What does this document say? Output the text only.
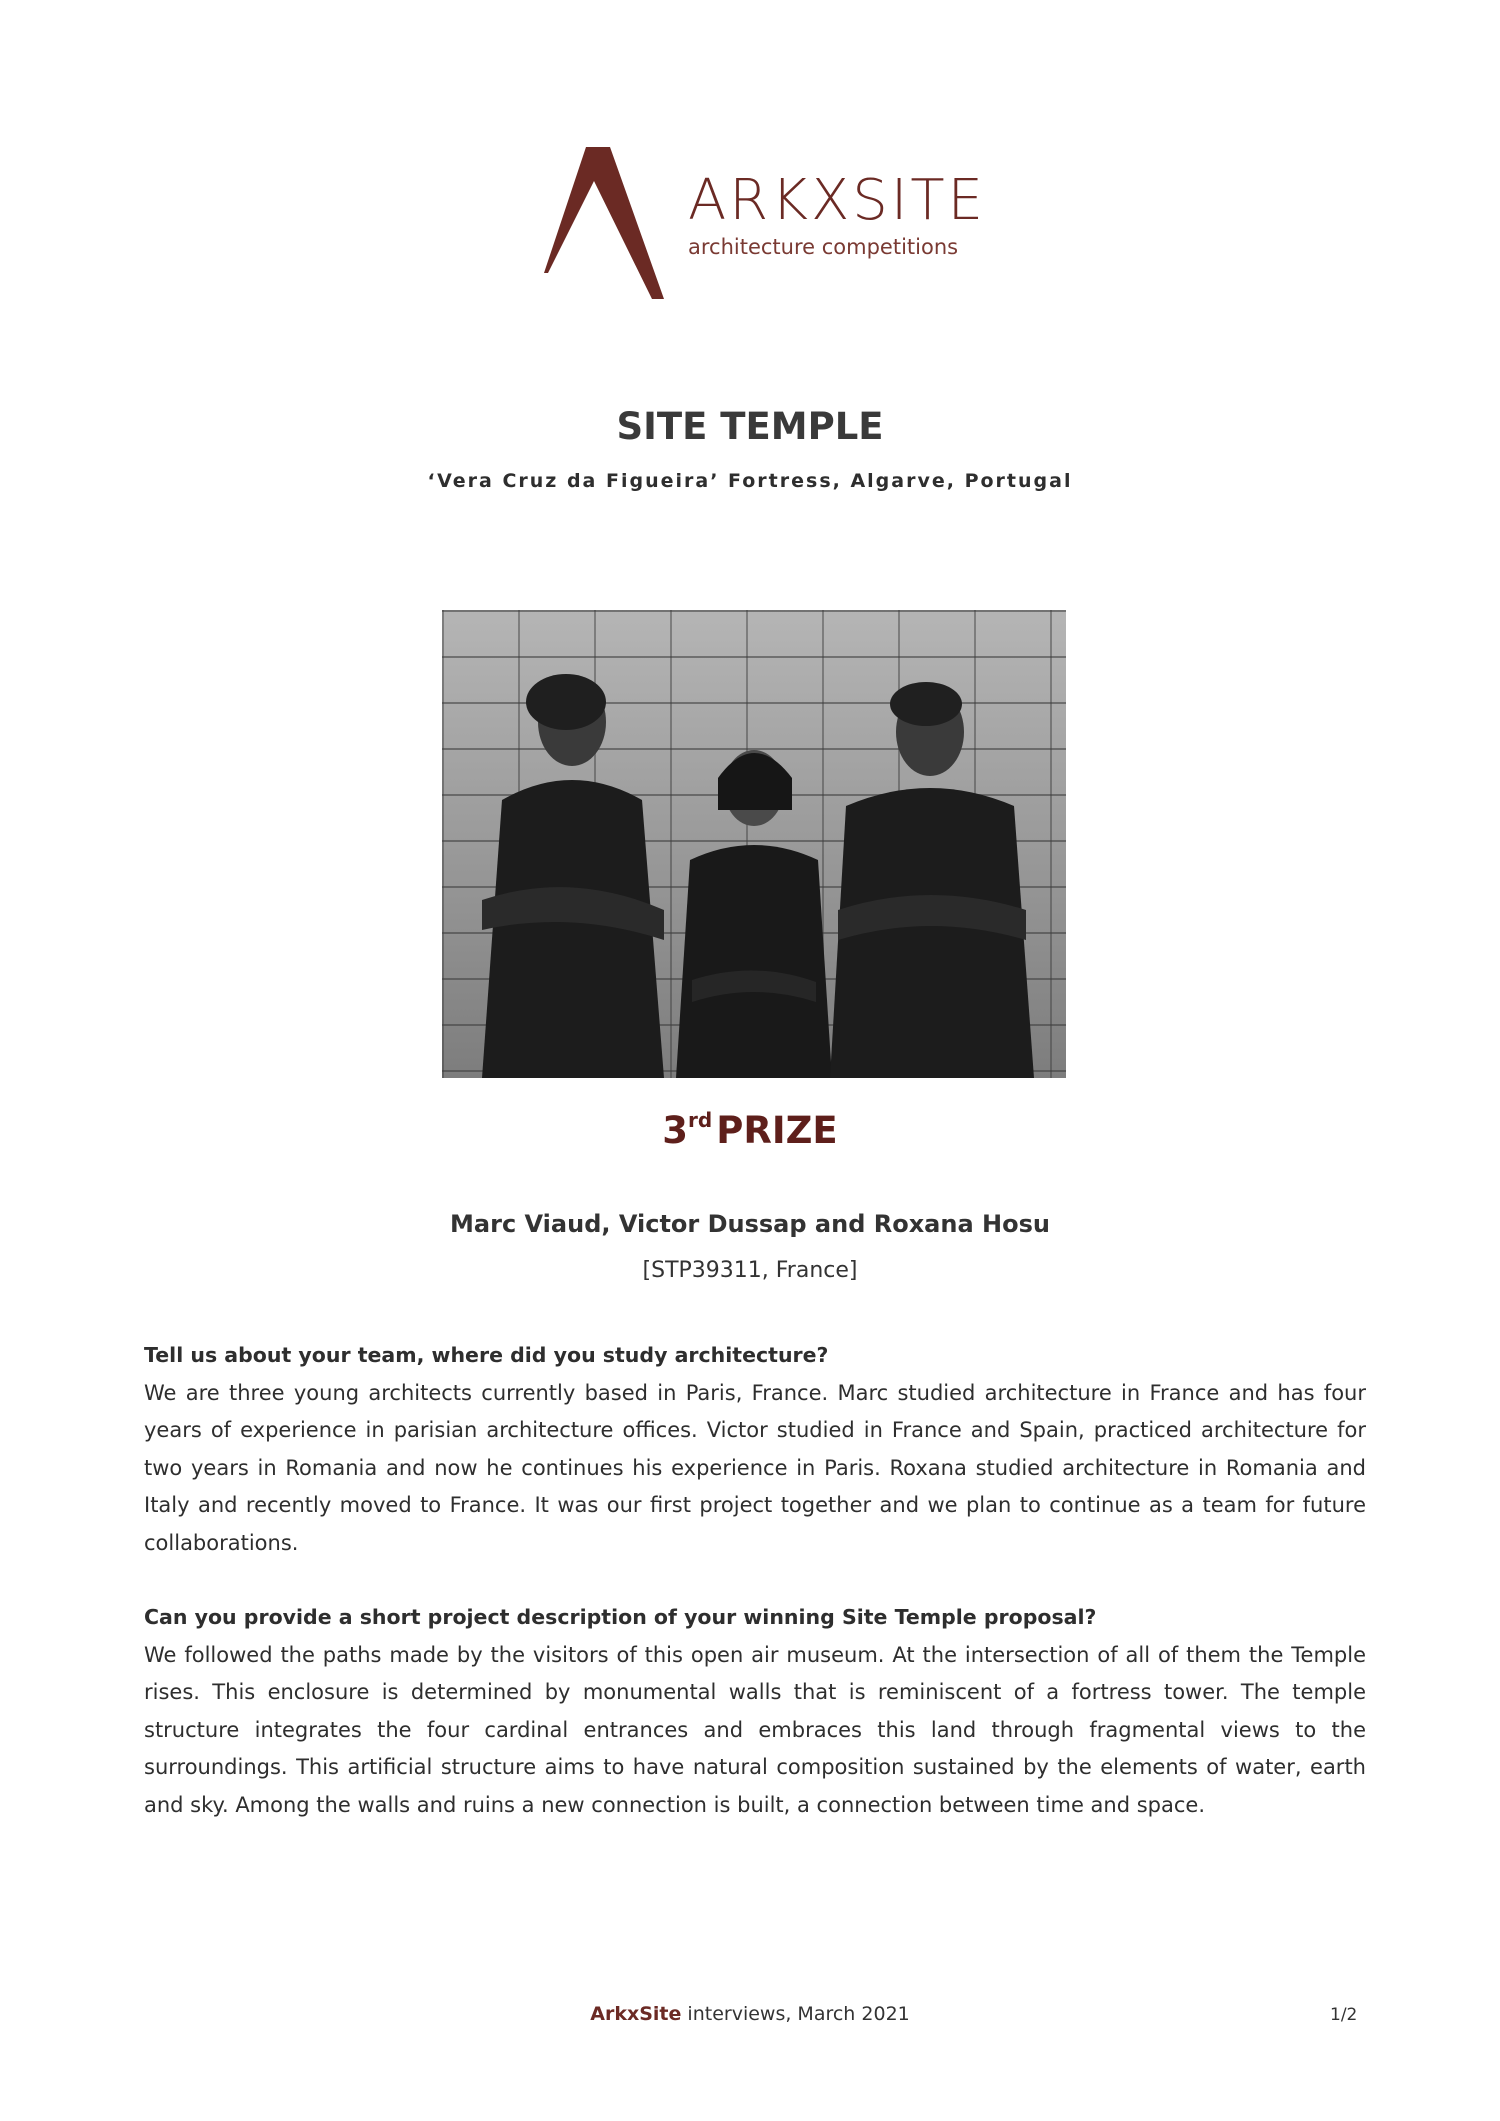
ARKXSITE
architecture competitions
SITE TEMPLE
‘Vera Cruz da Figueira’ Fortress, Algarve, Portugal
3rd PRIZE
Marc Viaud, Victor Dussap and Roxana Hosu
[STP39311, France]
Tell us about your team, where did you study architecture?
We are three young architects currently based in Paris, France. Marc studied architecture in France and has four years of experience in parisian architecture offices. Victor studied in France and Spain, practiced architecture for two years in Romania and now he continues his experience in Paris. Roxana studied architecture in Romania and Italy and recently moved to France. It was our first project together and we plan to continue as a team for future collaborations.
Can you provide a short project description of your winning Site Temple proposal?
We followed the paths made by the visitors of this open air museum. At the intersection of all of them the Temple rises. This enclosure is determined by monumental walls that is reminiscent of a fortress tower. The temple structure integrates the four cardinal entrances and embraces this land through fragmental views to the surroundings. This artificial structure aims to have natural composition sustained by the elements of water, earth and sky. Among the walls and ruins a new connection is built, a connection between time and space.
ArkxSite interviews, March 2021	1/2
